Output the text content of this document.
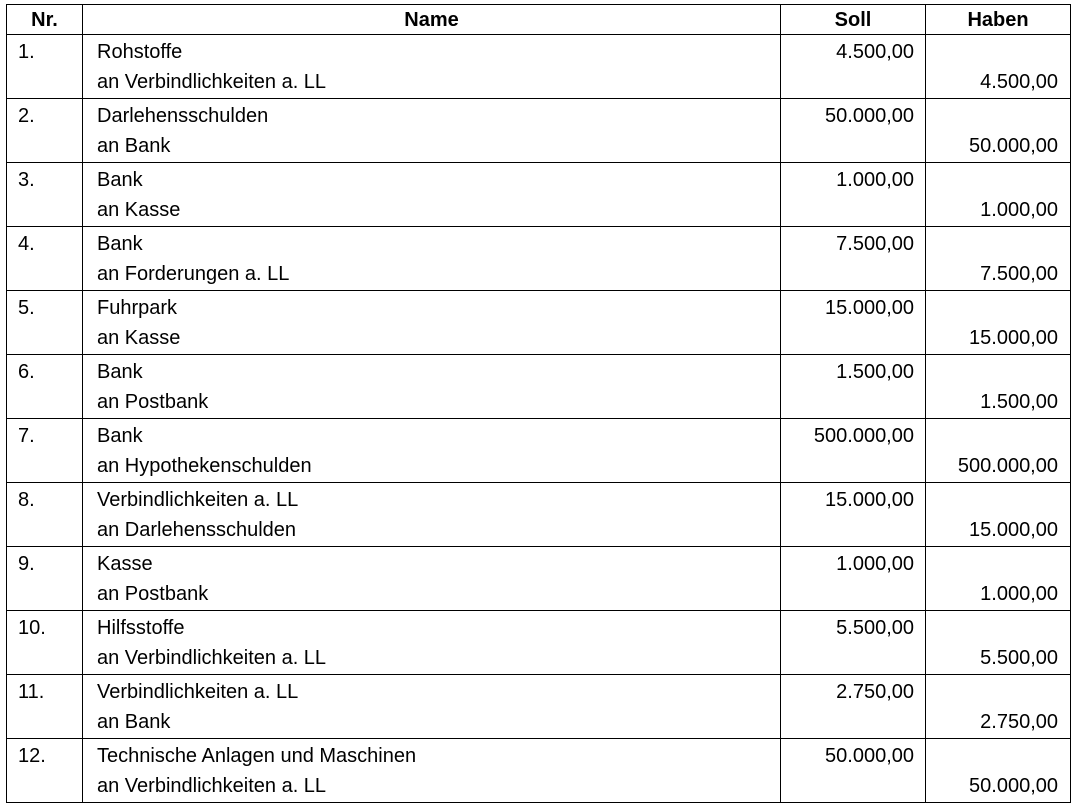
Nr.	Name	Soll	Haben
1.	Rohstoffe	4.500,00	
	an Verbindlichkeiten a. LL		4.500,00
2.	Darlehensschulden	50.000,00	
	an Bank		50.000,00
3.	Bank	1.000,00	
	an Kasse		1.000,00
4.	Bank	7.500,00	
	an Forderungen a. LL		7.500,00
5.	Fuhrpark	15.000,00	
	an Kasse		15.000,00
6.	Bank	1.500,00	
	an Postbank		1.500,00
7.	Bank	500.000,00	
	an Hypothekenschulden		500.000,00
8.	Verbindlichkeiten a. LL	15.000,00	
	an Darlehensschulden		15.000,00
9.	Kasse	1.000,00	
	an Postbank		1.000,00
10.	Hilfsstoffe	5.500,00	
	an Verbindlichkeiten a. LL		5.500,00
11.	Verbindlichkeiten a. LL	2.750,00	
	an Bank		2.750,00
12.	Technische Anlagen und Maschinen	50.000,00	
	an Verbindlichkeiten a. LL		50.000,00
